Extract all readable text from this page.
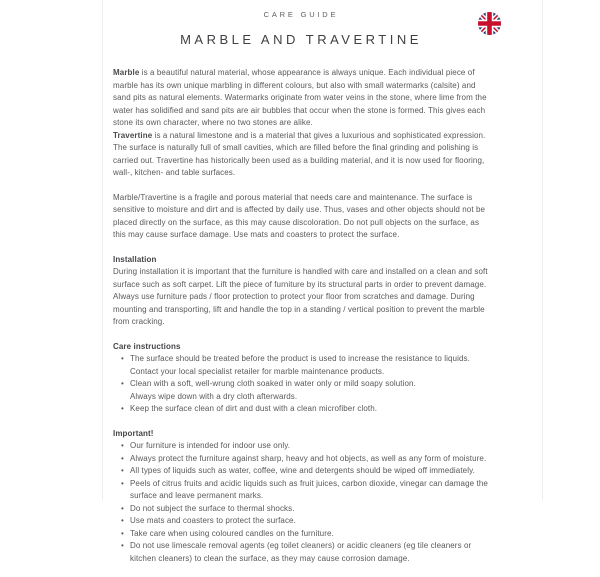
CARE GUIDE
MARBLE AND TRAVERTINE

Marble is a beautiful natural material, whose appearance is always unique. Each individual piece of marble has its own unique marbling in different colours, but also with small watermarks (calsite) and sand pits as natural elements. Watermarks originate from water veins in the stone, where lime from the water has solidified and sand pits are air bubbles that occur when the stone is formed. This gives each stone its own character, where no two stones are alike.

Travertine is a natural limestone and is a material that gives a luxurious and sophisticated expression. The surface is naturally full of small cavities, which are filled before the final grinding and polishing is carried out. Travertine has historically been used as a building material, and it is now used for flooring, wall-, kitchen- and table surfaces.

Marble/Travertine is a fragile and porous material that needs care and maintenance. The surface is sensitive to moisture and dirt and is affected by daily use. Thus, vases and other objects should not be placed directly on the surface, as this may cause discoloration. Do not pull objects on the surface, as this may cause surface damage. Use mats and coasters to protect the surface.

Installation

During installation it is important that the furniture is handled with care and installed on a clean and soft surface such as soft carpet. Lift the piece of furniture by its structural parts in order to prevent damage. Always use furniture pads / floor protection to protect your floor from scratches and damage. During mounting and transporting, lift and handle the top in a standing / vertical position to prevent the marble from cracking.

Care instructions

• The surface should be treated before the product is used to increase the resistance to liquids.
Contact your local specialist retailer for marble maintenance products.
• Clean with a soft, well-wrung cloth soaked in water only or mild soapy solution.
Always wipe down with a dry cloth afterwards.
• Keep the surface clean of dirt and dust with a clean microfiber cloth.

Important!

• Our furniture is intended for indoor use only.
• Always protect the furniture against sharp, heavy and hot objects, as well as any form of moisture.
• All types of liquids such as water, coffee, wine and detergents should be wiped off immediately.
• Peels of citrus fruits and acidic liquids such as fruit juices, carbon dioxide, vinegar can damage the surface and leave permanent marks.
• Do not subject the surface to thermal shocks.
• Use mats and coasters to protect the surface.
• Take care when using coloured candles on the furniture.
• Do not use limescale removal agents (eg toilet cleaners) or acidic cleaners (eg tile cleaners or kitchen cleaners) to clean the surface, as they may cause corrosion damage.
